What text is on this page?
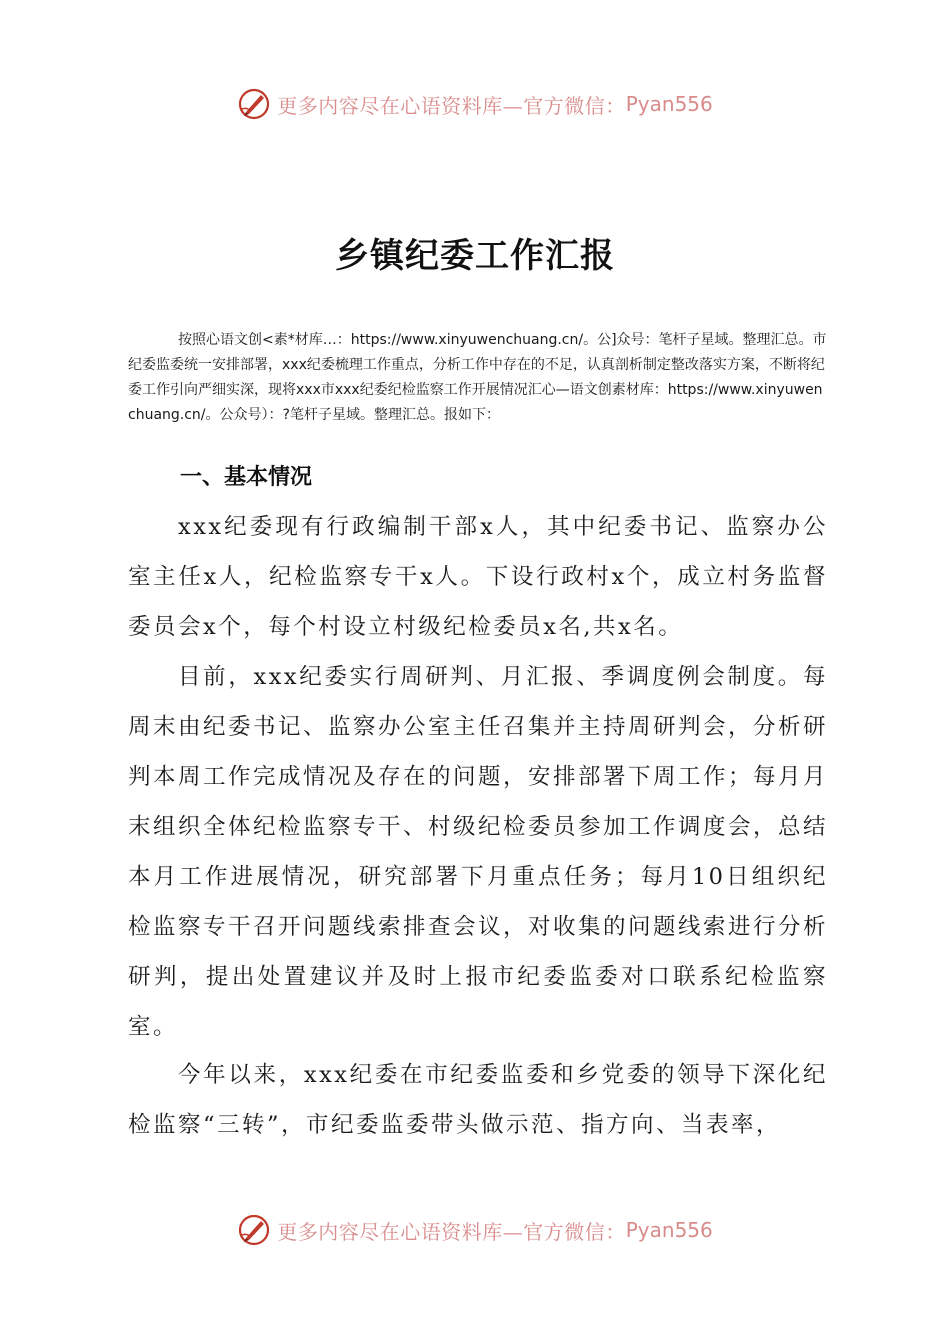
更多内容尽在心语资料库—官方微信： Pyan556
乡镇纪委工作汇报
按照心语文创<素*材库…：https://www.xinyuwenchuang.cn/。公]众号：笔杆子星域。整理汇总。市纪委监委统一安排部署，xxx纪委梳理工作重点，分析工作中存在的不足，认真剖析制定整改落实方案，不断将纪委工作引向严细实深，现将xxx市xxx纪委纪检监察工作开展情况汇心—语文创素材库：https://www.xinyuwenchuang.cn/。公众号）：?笔杆子星域。整理汇总。报如下：
一、基本情况
xxx纪委现有行政编制干部x人，其中纪委书记、监察办公室主任x人，纪检监察专干x人。下设行政村x个，成立村务监督委员会x个，每个村设立村级纪检委员x名,共x名。
目前，xxx纪委实行周研判、月汇报、季调度例会制度。每周末由纪委书记、监察办公室主任召集并主持周研判会，分析研判本周工作完成情况及存在的问题，安排部署下周工作；每月月末组织全体纪检监察专干、村级纪检委员参加工作调度会，总结本月工作进展情况，研究部署下月重点任务；每月10日组织纪检监察专干召开问题线索排查会议，对收集的问题线索进行分析研判，提出处置建议并及时上报市纪委监委对口联系纪检监察室。
今年以来，xxx纪委在市纪委监委和乡党委的领导下深化纪检监察“三转”，市纪委监委带头做示范、指方向、当表率，
更多内容尽在心语资料库—官方微信： Pyan556
